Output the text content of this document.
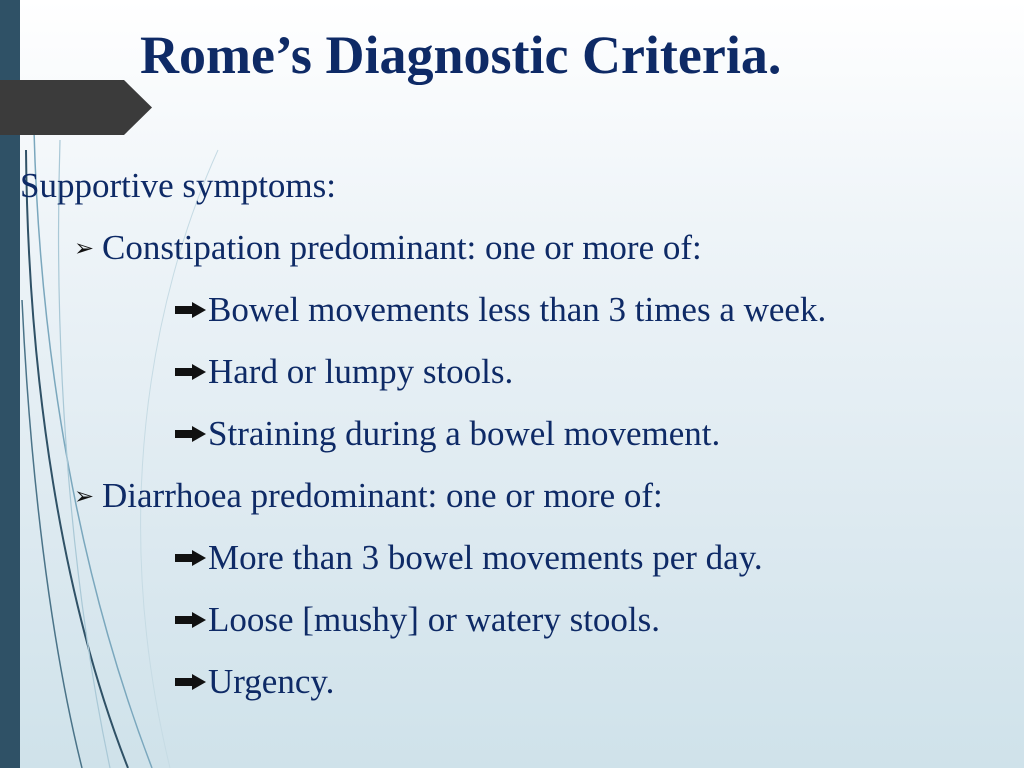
Rome’s Diagnostic Criteria.
Supportive symptoms:
➢ Constipation predominant: one or more of:
Bowel movements less than 3 times a week.
Hard or lumpy stools.
Straining during a bowel movement.
➢ Diarrhoea predominant: one or more of:
More than 3 bowel movements per day.
Loose [mushy] or watery stools.
Urgency.
